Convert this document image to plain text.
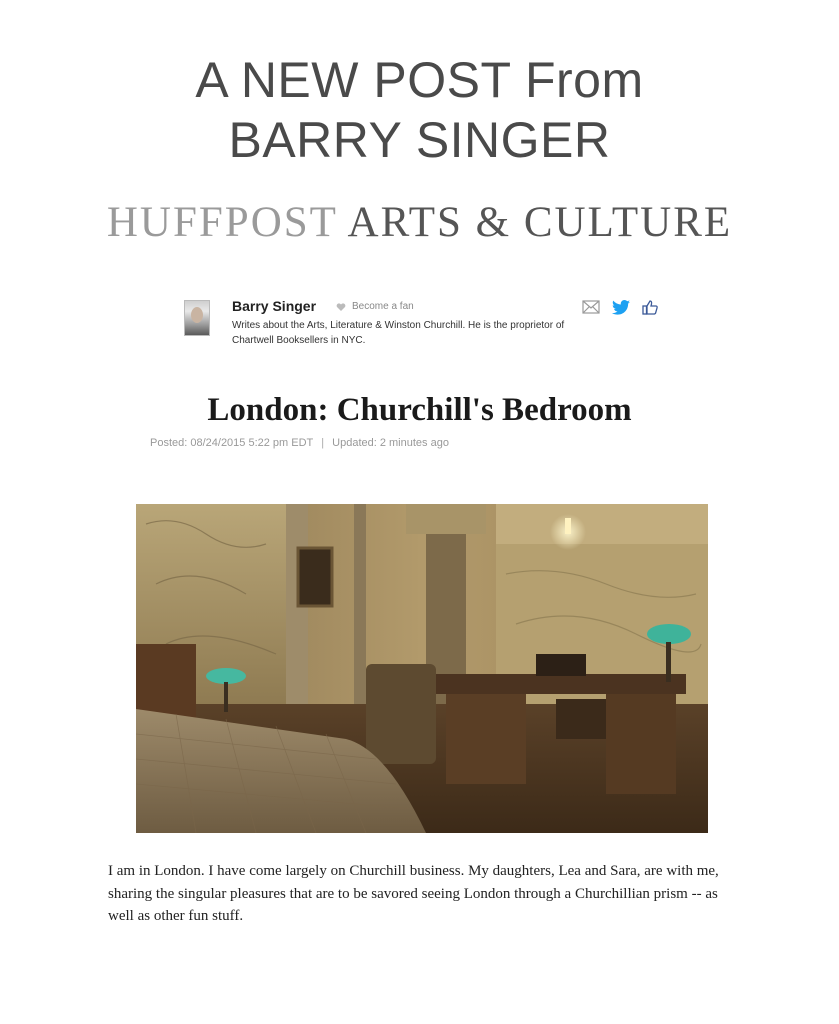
A NEW POST From
BARRY SINGER
HUFFPOST ARTS & CULTURE
Barry Singer	Become a fan
Writes about the Arts, Literature & Winston Churchill. He is the proprietor of Chartwell Booksellers in NYC.
London: Churchill's Bedroom
Posted: 08/24/2015 5:22 pm EDT | Updated: 2 minutes ago
I am in London. I have come largely on Churchill business. My daughters, Lea and Sara, are with me, sharing the singular pleasures that are to be savored seeing London through a Churchillian prism -- as well as other fun stuff.
